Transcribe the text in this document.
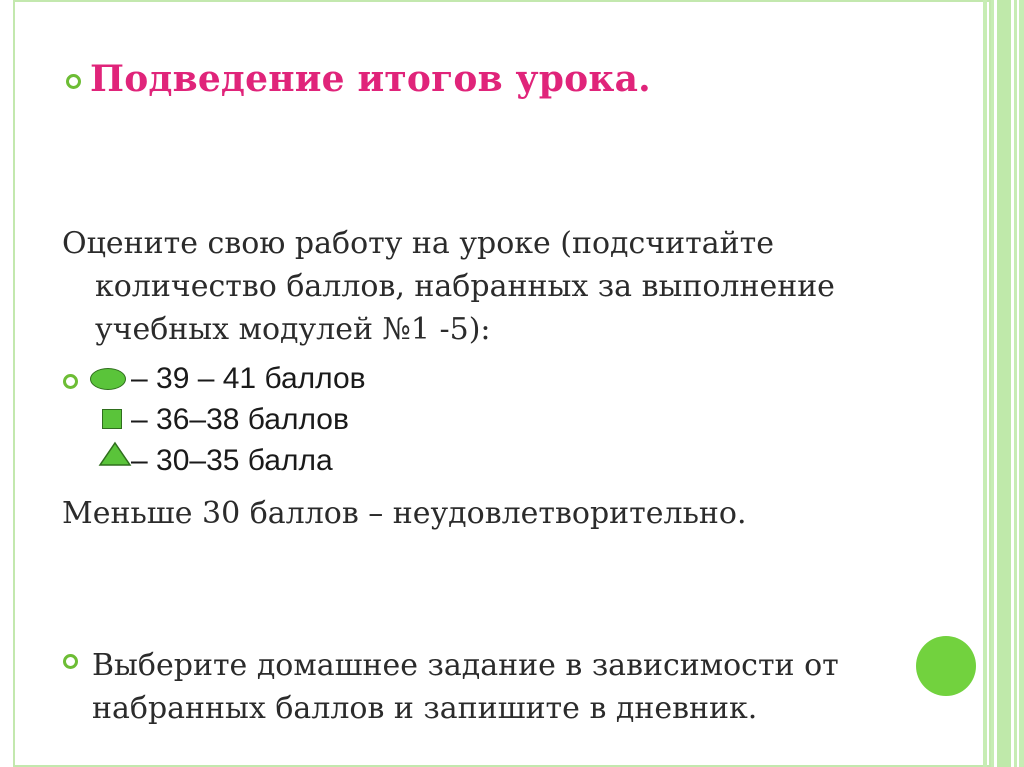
Подведение итогов урока.

Оцените свою работу на уроке (подсчитайте
количество баллов, набранных за выполнение
учебных модулей №1 -5):

– 39 – 41 баллов
– 36–38 баллов
– 30–35 балла

Меньше 30 баллов – неудовлетворительно.

Выберите домашнее задание в зависимости от
набранных баллов и запишите в дневник.
